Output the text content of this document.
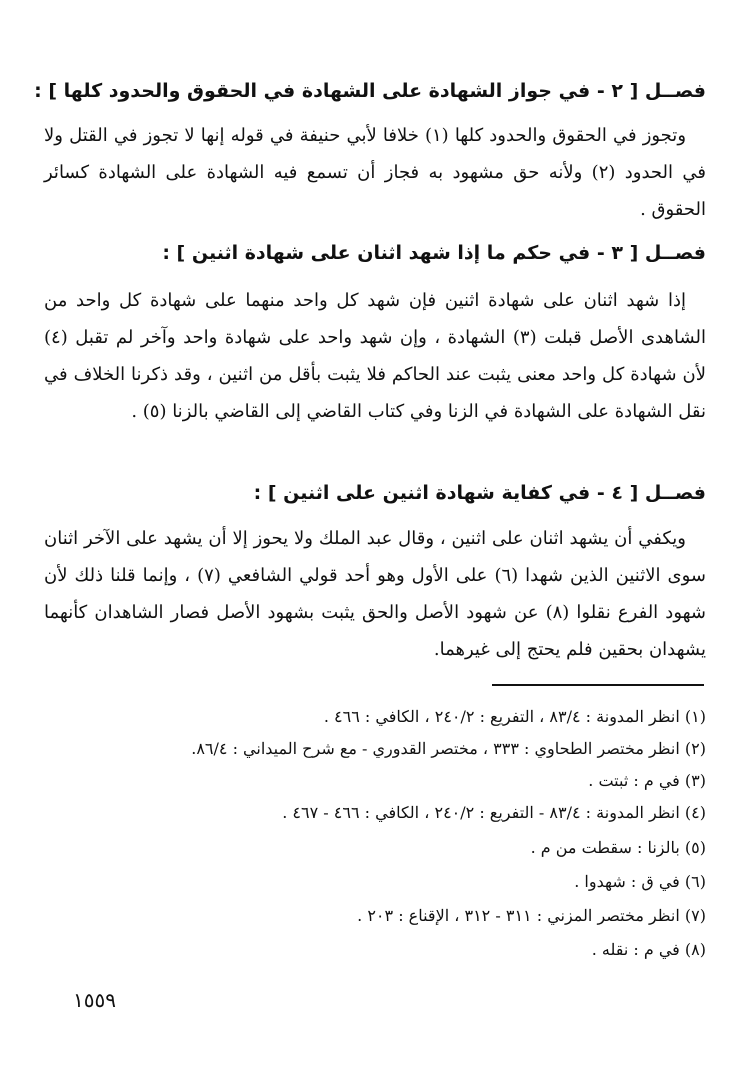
فصــل [ ٢ - في جواز الشهادة على الشهادة في الحقوق والحدود كلها ] :

وتجوز في الحقوق والحدود كلها (١) خلافا لأبي حنيفة في قوله إنها لا تجوز في القتل ولا في الحدود (٢) ولأنه حق مشهود به فجاز أن تسمع فيه الشهادة على الشهادة كسائر الحقوق .

فصــل [ ٣ - في حكم ما إذا شهد اثنان على شهادة اثنين ] :

إذا شهد اثنان على شهادة اثنين فإن شهد كل واحد منهما على شهادة كل واحد من الشاهدى الأصل قبلت (٣) الشهادة ، وإن شهد واحد على شهادة واحد وآخر لم تقبل (٤) لأن شهادة كل واحد معنى يثبت عند الحاكم فلا يثبت بأقل من اثنين ، وقد ذكرنا الخلاف في نقل الشهادة على الشهادة في الزنا وفي كتاب القاضي إلى القاضي بالزنا (٥) .

فصــل [ ٤ - في كفاية شهادة اثنين على اثنين ] :

ويكفي أن يشهد اثنان على اثنين ، وقال عبد الملك ولا يحوز إلا أن يشهد على الآخر اثنان سوى الاثنين الذين شهدا (٦) على الأول وهو أحد قولي الشافعي (٧) ، وإنما قلنا ذلك لأن شهود الفرع نقلوا (٨) عن شهود الأصل والحق يثبت بشهود الأصل فصار الشاهدان كأنهما يشهدان بحقين فلم يحتج إلى غيرهما.

(١) انظر المدونة : ٨٣/٤ ، التفريع : ٢٤٠/٢ ، الكافي : ٤٦٦ .

(٢) انظر مختصر الطحاوي : ٣٣٣ ، مختصر القدوري - مع شرح الميداني : ٨٦/٤.

(٣) في م : ثبتت .

(٤) انظر المدونة : ٨٣/٤ - التفريع : ٢٤٠/٢ ، الكافي : ٤٦٦ - ٤٦٧ .

(٥) بالزنا : سقطت من م .

(٦) في ق : شهدوا .

(٧) انظر مختصر المزني : ٣١١ - ٣١٢ ، الإقناع : ٢٠٣ .

(٨) في م : نقله .

١٥٥٩
